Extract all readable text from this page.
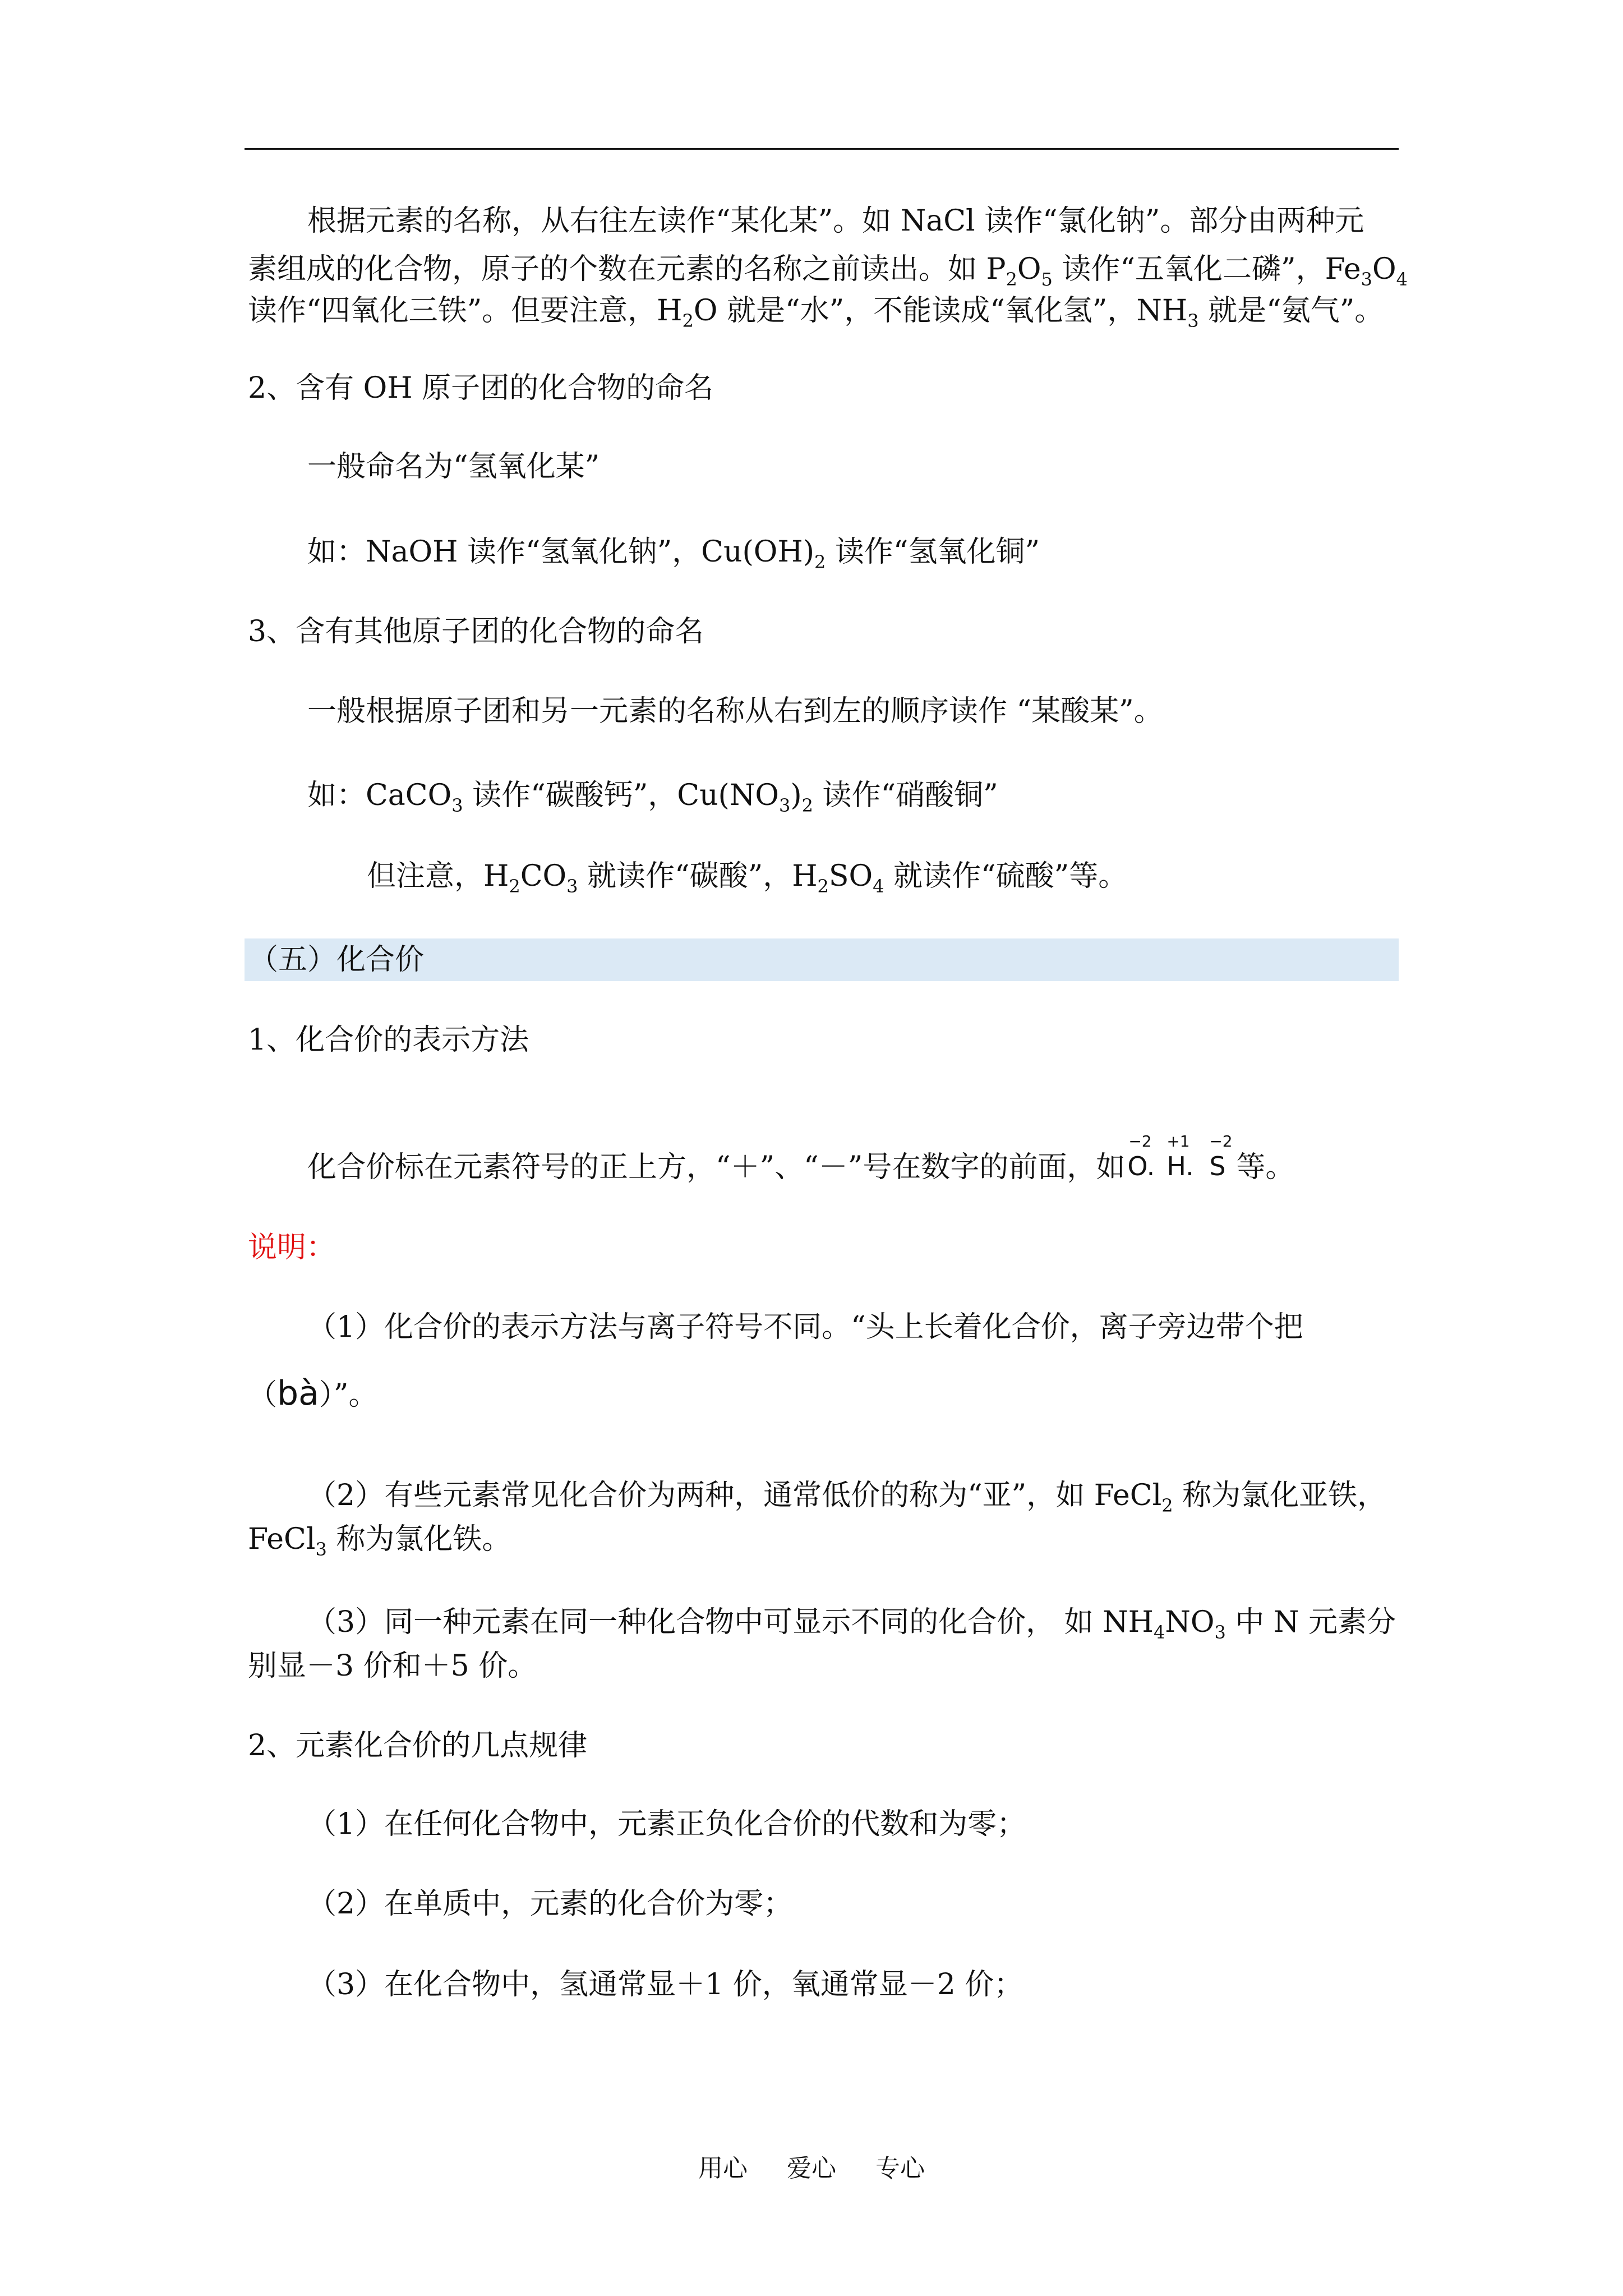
根据元素的名称，从右往左读作“某化某”。如 NaCl 读作“氯化钠”。部分由两种元
素组成的化合物，原子的个数在元素的名称之前读出。如 $P_2O_5$ 读作“五氧化二磷”，$Fe_3O_4$
读作“四氧化三铁”。但要注意，$H_2O$ 就是“水”，不能读成“氧化氢”，$NH_3$ 就是“氨气”。
2、含有 OH 原子团的化合物的命名
一般命名为“氢氧化某”
如：NaOH 读作“氢氧化钠”，$Cu(OH)_2$ 读作“氢氧化铜”
3、含有其他原子团的化合物的命名
一般根据原子团和另一元素的名称从右到左的顺序读作 “某酸某”。
如：CaCO$_3$ 读作“碳酸钙”，$Cu(NO_3)_2$ 读作“硝酸铜”
但注意，$H_2CO_3$ 就读作“碳酸”，$H_2SO_4$ 就读作“硫酸”等。
（五）化合价
1、化合价的表示方法
化合价标在元素符号的正上方，“＋”、“－”号在数字的前面，如
−2
O.
+1
H.
−2
S 等。
说明：
（1）化合价的表示方法与离子符号不同。“头上长着化合价，离子旁边带个把
（bà）”。
（2）有些元素常见化合价为两种，通常低价的称为“亚”，如 FeCl$_2$ 称为氯化亚铁，
FeCl$_3$ 称为氯化铁。
（3）同一种元素在同一种化合物中可显示不同的化合价， 如 $NH_4NO_3$ 中 N 元素分
别显－3 价和＋5 价。
2、元素化合价的几点规律
（1）在任何化合物中，元素正负化合价的代数和为零；
（2）在单质中，元素的化合价为零；
（3）在化合物中，氢通常显＋1 价，氧通常显－2 价；
用心 爱心 专心
